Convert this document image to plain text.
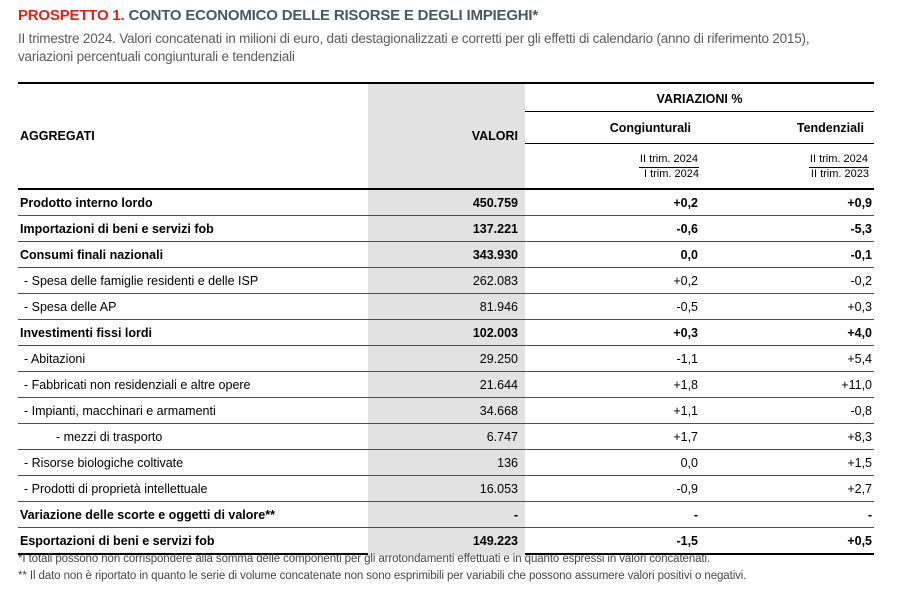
PROSPETTO 1. CONTO ECONOMICO DELLE RISORSE E DEGLI IMPIEGHI*
II trimestre 2024. Valori concatenati in milioni di euro, dati destagionalizzati e corretti per gli effetti di calendario (anno di riferimento 2015),
variazioni percentuali congiunturali e tendenziali
AGGREGATI	VALORI
VARIAZIONI %
Congiunturali	Tendenziali
$\frac{\text{II trim. 2024}}{\text{I trim. 2024}} \frac{\text{II trim. 2024}}{\text{II trim. 2023}}$
Prodotto interno lordo	450.759	+0,2	+0,9
Importazioni di beni e servizi fob	137.221	-0,6	-5,3
Consumi finali nazionali	343.930	0,0	-0,1
- Spesa delle famiglie residenti e delle ISP	262.083	+0,2	-0,2
- Spesa delle AP	81.946	-0,5	+0,3
Investimenti fissi lordi	102.003	+0,3	+4,0
- Abitazioni	29.250	-1,1	+5,4
- Fabbricati non residenziali e altre opere	21.644	+1,8	+11,0
- Impianti, macchinari e armamenti	34.668	+1,1	-0,8
- mezzi di trasporto	6.747	+1,7	+8,3
- Risorse biologiche coltivate	136	0,0	+1,5
- Prodotti di proprietà intellettuale	16.053	-0,9	+2,7
Variazione delle scorte e oggetti di valore**	-	-	-
Esportazioni di beni e servizi fob	149.223	-1,5	+0,5
*I totali possono non corrispondere alla somma delle componenti per gli arrotondamenti effettuati e in quanto espressi in valori concatenati.
** Il dato non è riportato in quanto le serie di volume concatenate non sono esprimibili per variabili che possono assumere valori positivi o negativi.
